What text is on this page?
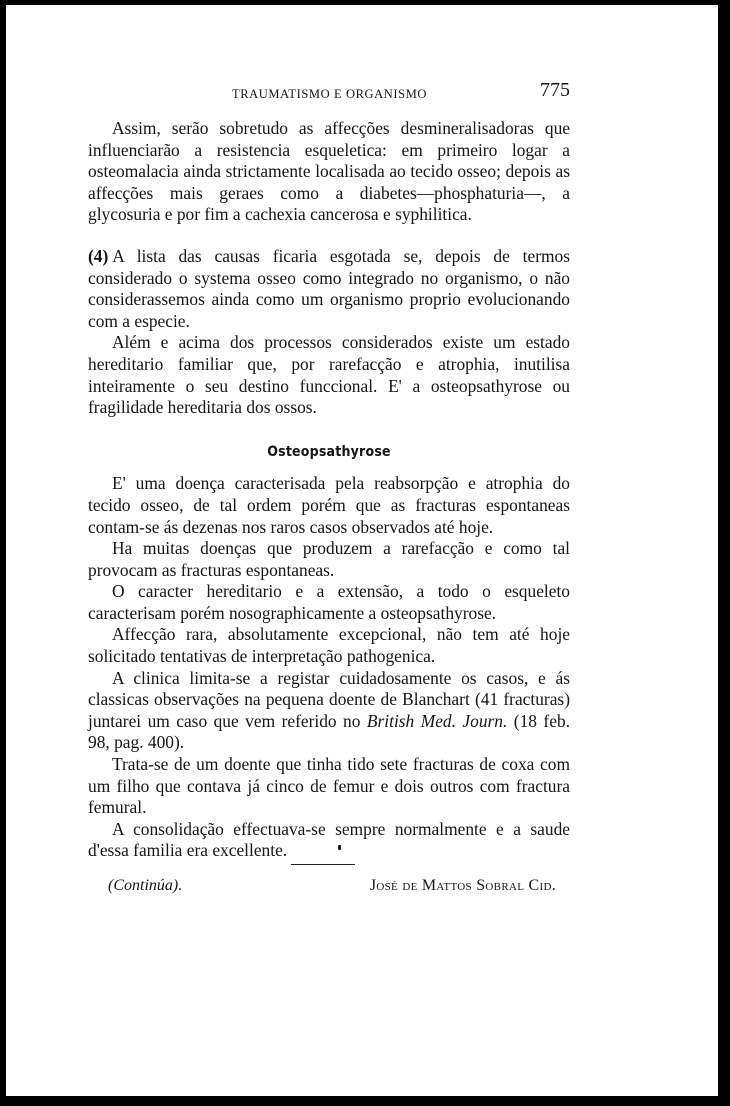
TRAUMATISMO E ORGANISMO	775

Assim, serão sobretudo as affecções desmineralisadoras que influenciarão a resistencia esqueletica: em primeiro logar a osteomalacia ainda strictamente localisada ao tecido osseo; depois as affecções mais geraes como a diabetes—phosphaturia—, a glycosuria e por fim a cachexia cancerosa e syphilitica.

(4) A lista das causas ficaria esgotada se, depois de termos considerado o systema osseo como integrado no organismo, o não considerassemos ainda como um organismo proprio evolucionando com a especie.

Além e acima dos processos considerados existe um estado hereditario familiar que, por rarefacção e atrophia, inutilisa inteiramente o seu destino funccional. E' a osteopsathyrose ou fragilidade hereditaria dos ossos.

Osteopsathyrose

E' uma doença caracterisada pela reabsorpção e atrophia do tecido osseo, de tal ordem porém que as fracturas espontaneas contam-se ás dezenas nos raros casos observados até hoje.

Ha muitas doenças que produzem a rarefacção e como tal provocam as fracturas espontaneas.

O caracter hereditario e a extensão, a todo o esqueleto caracterisam porém nosographicamente a osteopsathyrose.

Affecção rara, absolutamente excepcional, não tem até hoje solicitado tentativas de interpretação pathogenica.

A clinica limita-se a registar cuidadosamente os casos, e ás classicas observações na pequena doente de Blanchart (41 fracturas) juntarei um caso que vem referido no British Med. Journ. (18 feb. 98, pag. 400).

Trata-se de um doente que tinha tido sete fracturas de coxa com um filho que contava já cinco de femur e dois outros com fractura femural.

A consolidação effectuava-se sempre normalmente e a saude d'essa familia era excellente.

(Continúa).	José de Mattos Sobral Cid.
